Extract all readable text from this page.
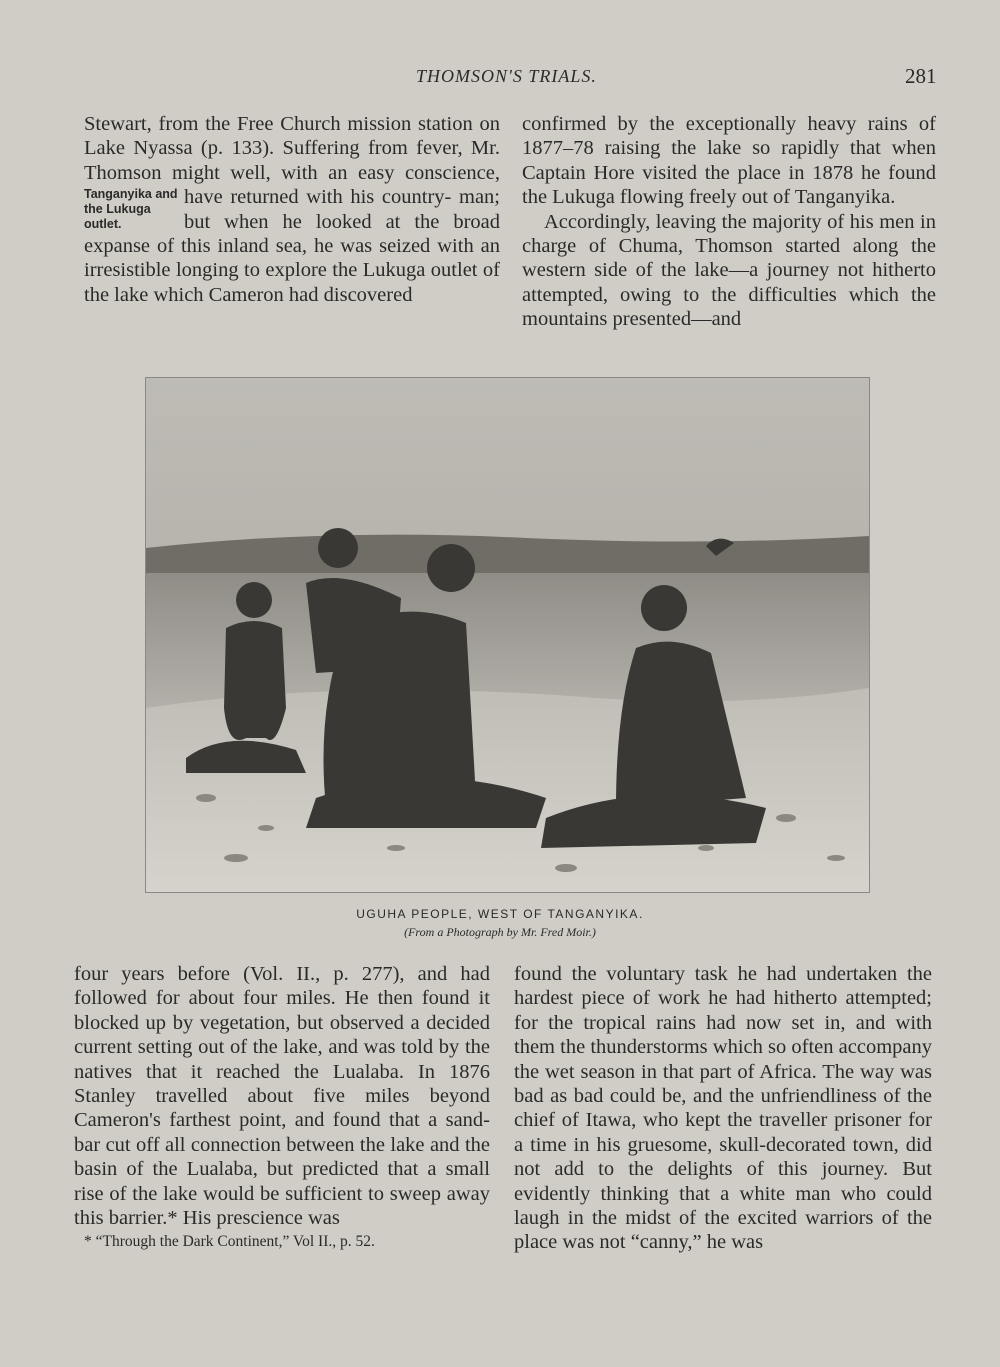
THOMSON'S TRIALS.	281

Stewart, from the Free Church mission station on Lake Nyassa (p. 133). Suffering from fever, Mr. Thomson might well, with an easy conscience, have returned with his country-
Tanganyika and the Lukuga outlet.
man; but when he looked at the broad expanse of this inland sea, he was seized with an irresistible longing to explore the Lukuga outlet of the lake which Cameron had discovered

confirmed by the exceptionally heavy rains of 1877–78 raising the lake so rapidly that when Captain Hore visited the place in 1878 he found the Lukuga flowing freely out of Tanganyika.

Accordingly, leaving the majority of his men in charge of Chuma, Thomson started along the western side of the lake—a journey not hitherto attempted, owing to the difficulties which the mountains presented—and

UGUHA PEOPLE, WEST OF TANGANYIKA.
(From a Photograph by Mr. Fred Moir.)

four years before (Vol. II., p. 277), and had followed for about four miles. He then found it blocked up by vegetation, but observed a decided current setting out of the lake, and was told by the natives that it reached the Lualaba. In 1876 Stanley travelled about five miles beyond Cameron's farthest point, and found that a sand-bar cut off all connection between the lake and the basin of the Lualaba, but predicted that a small rise of the lake would be sufficient to sweep away this barrier.* His prescience was

* “Through the Dark Continent,” Vol II., p. 52.

found the voluntary task he had undertaken the hardest piece of work he had hitherto attempted; for the tropical rains had now set in, and with them the thunderstorms which so often accompany the wet season in that part of Africa. The way was bad as bad could be, and the unfriendliness of the chief of Itawa, who kept the traveller prisoner for a time in his gruesome, skull-decorated town, did not add to the delights of this journey. But evidently thinking that a white man who could laugh in the midst of the excited warriors of the place was not “canny,” he was
